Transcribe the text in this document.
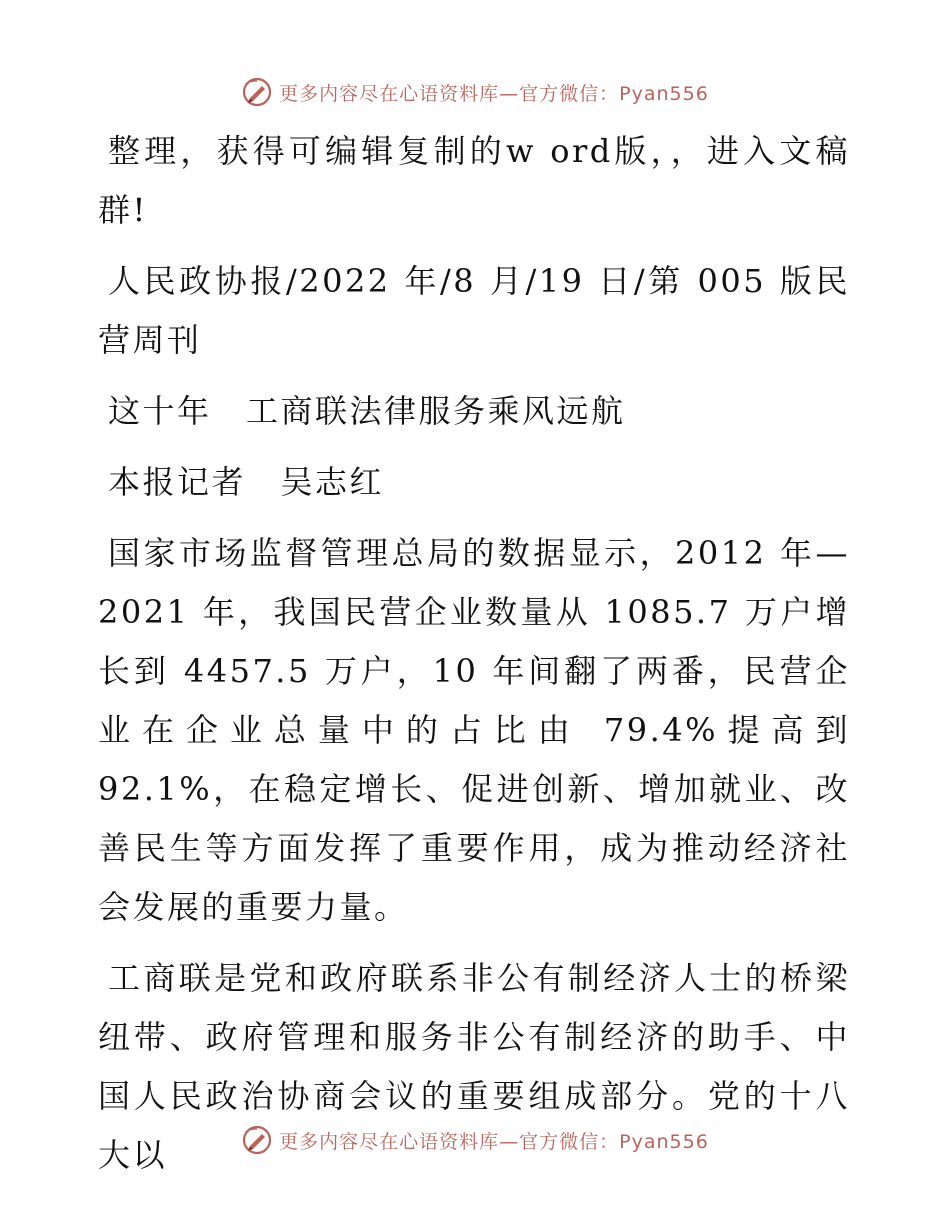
更多内容尽在心语资料库—官方微信：Pyan556

整理，获得可编辑复制的w ord版，，进入文稿群!

人民政协报/2022 年/8 月/19 日/第 005 版民营周刊

这十年　工商联法律服务乘风远航

本报记者　吴志红

国家市场监督管理总局的数据显示，2012 年—2021 年，我国民营企业数量从 1085.7 万户增长到 4457.5 万户，10 年间翻了两番，民营企业在企业总量中的占比由 79.4%提高到 92.1%，在稳定增长、促进创新、增加就业、改善民生等方面发挥了重要作用，成为推动经济社会发展的重要力量。

工商联是党和政府联系非公有制经济人士的桥梁纽带、政府管理和服务非公有制经济的助手、中国人民政治协商会议的重要组成部分。党的十八大以	更多内容尽在心语资料库—官方微信：Pyan556
